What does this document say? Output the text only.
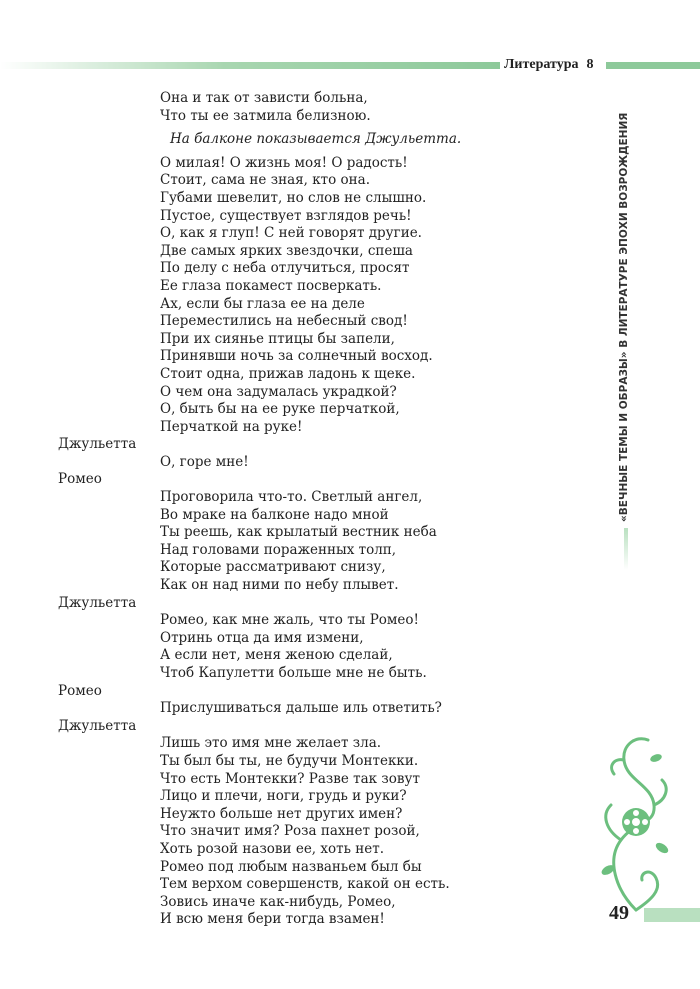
Литература 8
«ВЕЧНЫЕ ТЕМЫ И ОБРАЗЫ» В ЛИТЕРАТУРЕ ЭПОХИ ВОЗРОЖДЕНИЯ
Она и так от зависти больна,
Что ты ее затмила белизною.
На балконе показывается Джульетта.
О милая! О жизнь моя! О радость!
Стоит, сама не зная, кто она.
Губами шевелит, но слов не слышно.
Пустое, существует взглядов речь!
О, как я глуп! С ней говорят другие.
Две самых ярких звездочки, спеша
По делу с неба отлучиться, просят
Ее глаза покамест посверкать.
Ах, если бы глаза ее на деле
Переместились на небесный свод!
При их сиянье птицы бы запели,
Принявши ночь за солнечный восход.
Стоит одна, прижав ладонь к щеке.
О чем она задумалась украдкой?
О, быть бы на ее руке перчаткой,
Перчаткой на руке!
Джульетта
О, горе мне!
Ромео
Проговорила что-то. Светлый ангел,
Во мраке на балконе надо мной
Ты реешь, как крылатый вестник неба
Над головами пораженных толп,
Которые рассматривают снизу,
Как он над ними по небу плывет.
Джульетта
Ромео, как мне жаль, что ты Ромео!
Отринь отца да имя измени,
А если нет, меня женою сделай,
Чтоб Капулетти больше мне не быть.
Ромео
Прислушиваться дальше иль ответить?
Джульетта
Лишь это имя мне желает зла.
Ты был бы ты, не будучи Монтекки.
Что есть Монтекки? Разве так зовут
Лицо и плечи, ноги, грудь и руки?
Неужто больше нет других имен?
Что значит имя? Роза пахнет розой,
Хоть розой назови ее, хоть нет.
Ромео под любым названьем был бы
Тем верхом совершенств, какой он есть.
Зовись иначе как-нибудь, Ромео,
И всю меня бери тогда взамен!	49
